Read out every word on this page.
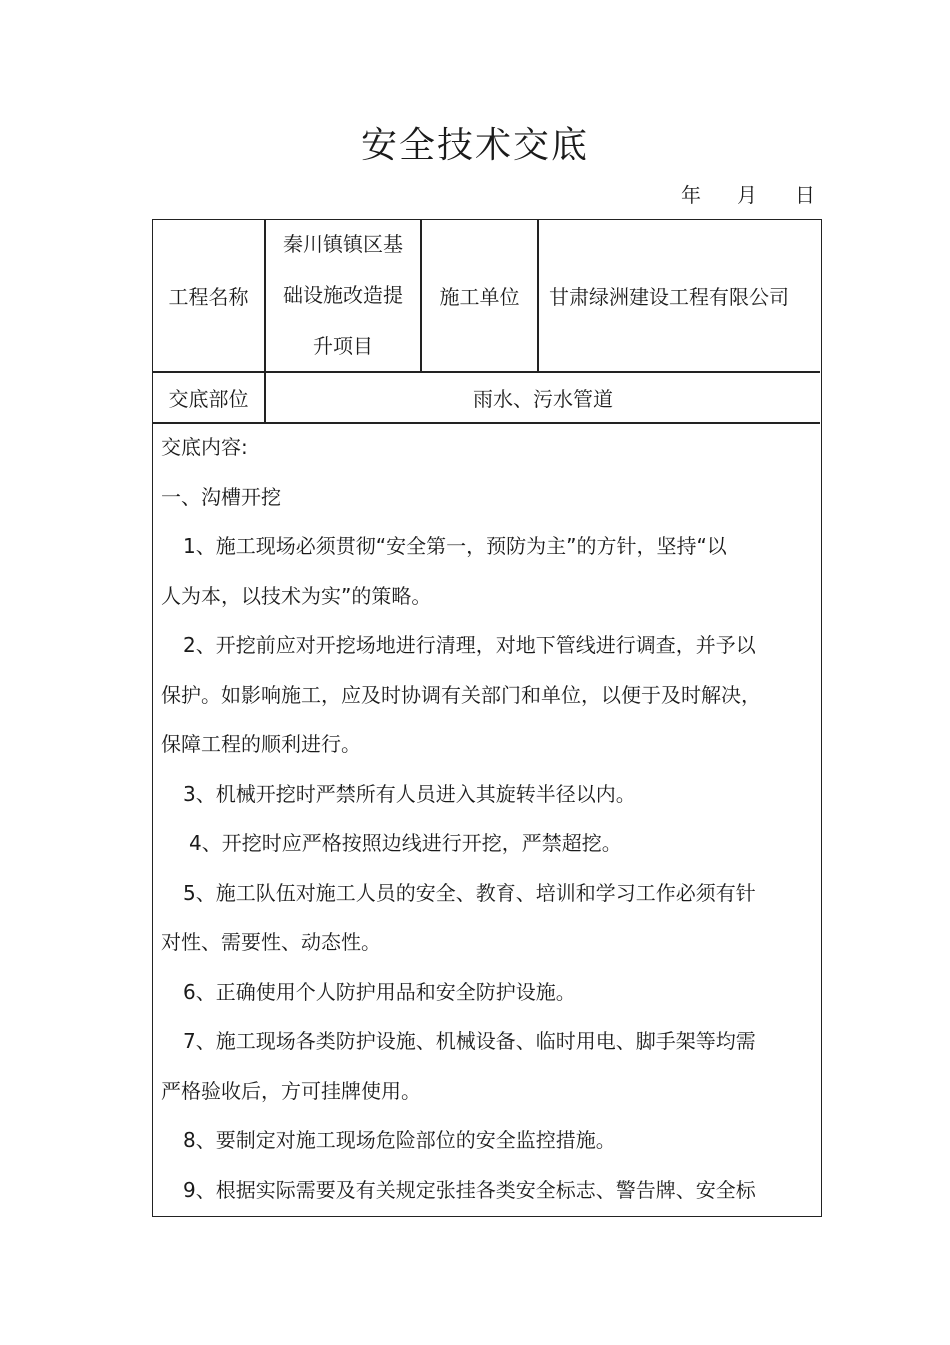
安全技术交底
年 月 日
工程名称
秦川镇镇区基
础设施改造提
升项目
施工单位	甘肃绿洲建设工程有限公司
交底部位	雨水、污水管道

交底内容:

一、沟槽开挖

1、施工现场必须贯彻“安全第一，预防为主”的方针，坚持“以

人为本，以技术为实”的策略。

2、开挖前应对开挖场地进行清理，对地下管线进行调查，并予以

保护。如影响施工，应及时协调有关部门和单位，以便于及时解决，

保障工程的顺利进行。

3、机械开挖时严禁所有人员进入其旋转半径以内。

4、开挖时应严格按照边线进行开挖，严禁超挖。

5、施工队伍对施工人员的安全、教育、培训和学习工作必须有针

对性、需要性、动态性。

6、正确使用个人防护用品和安全防护设施。

7、施工现场各类防护设施、机械设备、临时用电、脚手架等均需

严格验收后，方可挂牌使用。

8、要制定对施工现场危险部位的安全监控措施。

9、根据实际需要及有关规定张挂各类安全标志、警告牌、安全标
